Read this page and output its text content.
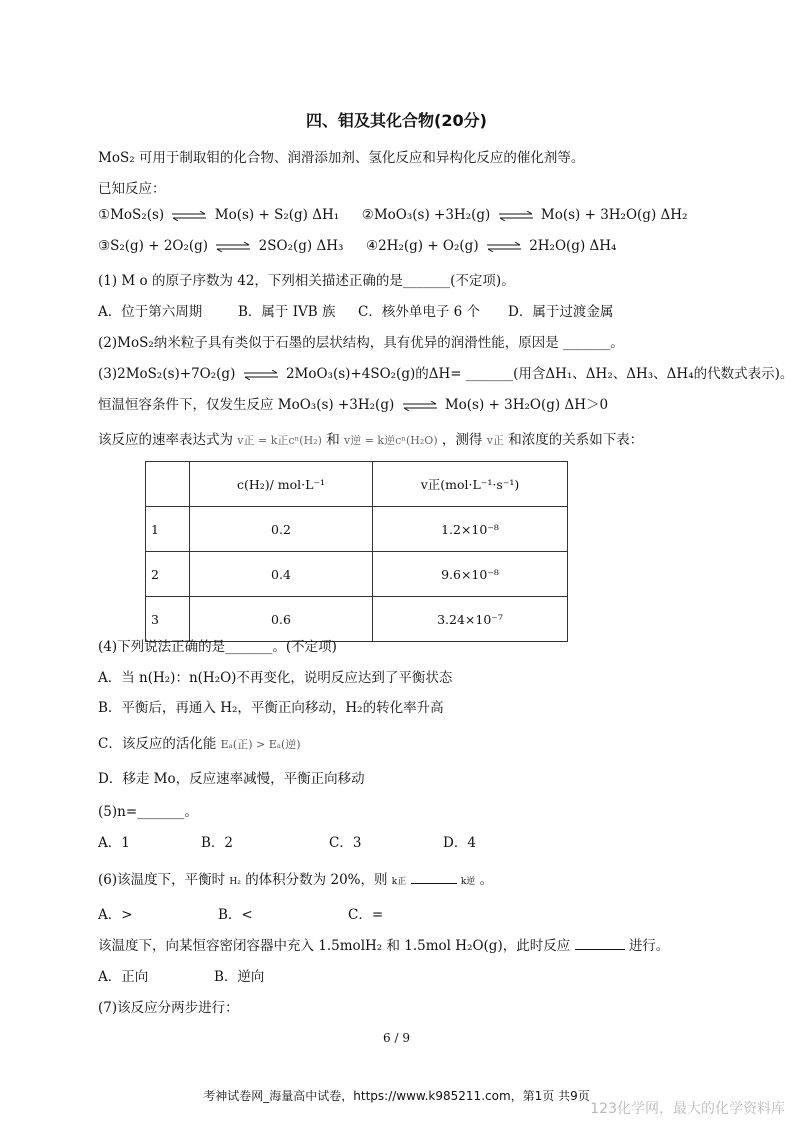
四、钼及其化合物(20分)
MoS₂ 可用于制取钼的化合物、润滑添加剂、氢化反应和异构化反应的催化剂等。
已知反应：
①MoS₂(s) ⇌ Mo(s) + S₂(g) ΔH₁ ②MoO₃(s) +3H₂(g) ⇌ Mo(s) + 3H₂O(g) ΔH₂
③S₂(g) + 2O₂(g) ⇌ 2SO₂(g) ΔH₃ ④2H₂(g) + O₂(g) ⇌ 2H₂O(g) ΔH₄
(1) M o 的原子序数为 42，下列相关描述正确的是_______(不定项)。
A．位于第六周期	B．属于 IVB 族 C．核外单电子 6 个 D．属于过渡金属
(2)MoS₂纳米粒子具有类似于石墨的层状结构，具有优异的润滑性能，原因是 _______。
(3)2MoS₂(s)+7O₂(g) ⇌ 2MoO₃(s)+4SO₂(g)的ΔH= _______(用含ΔH₁、ΔH₂、ΔH₃、ΔH₄的代数式表示)。
恒温恒容条件下，仅发生反应 MoO₃(s) +3H₂(g) ⇌ Mo(s) + 3H₂O(g) ΔH＞0
该反应的速率表达式为 v正 = k正cⁿ(H₂) 和 v逆 = k逆cⁿ(H₂O) ，测得 v正 和浓度的关系如下表：
	c(H₂)/ mol·L⁻¹	v正(mol·L⁻¹·s⁻¹)
1	0.2	1.2×10⁻⁸
2	0.4	9.6×10⁻⁸
3	0.6	3.24×10⁻⁷
(4)下列说法正确的是_______。(不定项)
A．当 n(H₂)：n(H₂O)不再变化，说明反应达到了平衡状态
B．平衡后，再通入 H₂，平衡正向移动，H₂的转化率升高
C．该反应的活化能 Eₐ(正) > Eₐ(逆)
D．移走 Mo，反应速率减慢，平衡正向移动
(5)n=_______。
A．1	B．2	C．3	D．4
(6)该温度下，平衡时 H₂ 的体积分数为 20%，则 k正	k逆 。
A．>	B．<	C．=
该温度下，向某恒容密闭容器中充入 1.5molH₂ 和 1.5mol H₂O(g)，此时反应	进行。
A．正向	B．逆向
(7)该反应分两步进行：
6 / 9
考神试卷网_海量高中试卷，https://www.k985211.com，第1页 共9页
123化学网，最大的化学资料库
